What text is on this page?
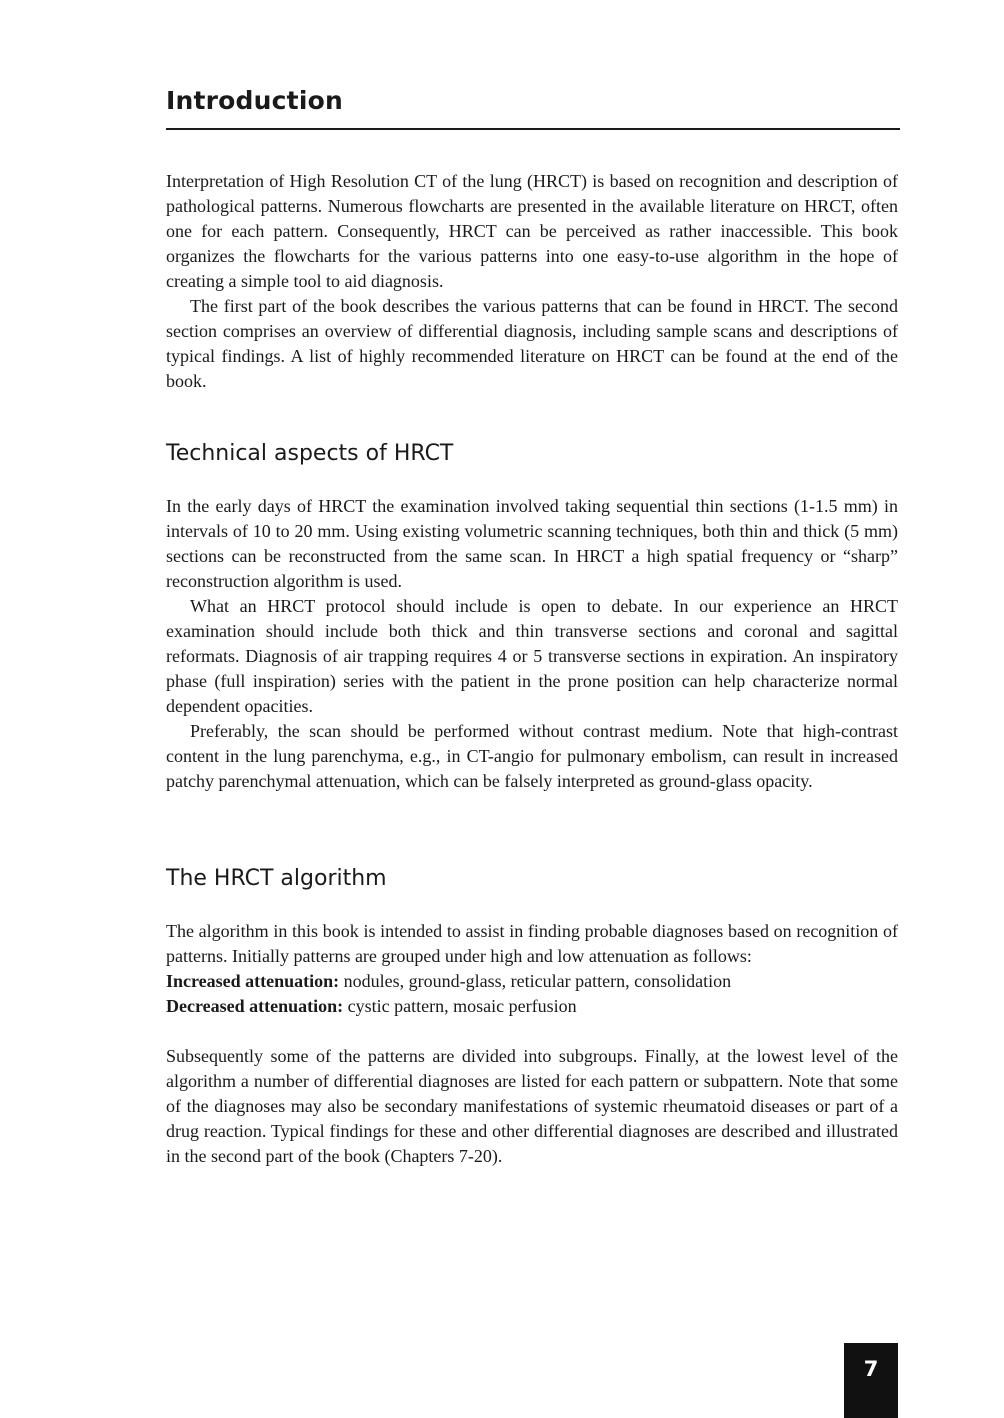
Introduction

Interpretation of High Resolution CT of the lung (HRCT) is based on recognition and description of pathological patterns. Numerous flowcharts are presented in the available literature on HRCT, often one for each pattern. Consequently, HRCT can be perceived as rather inaccessible. This book organizes the flowcharts for the various patterns into one easy-to-use algorithm in the hope of creating a simple tool to aid diagnosis.

The first part of the book describes the various patterns that can be found in HRCT. The second section comprises an overview of differential diagnosis, including sample scans and descriptions of typical findings. A list of highly recommended literature on HRCT can be found at the end of the book.

Technical aspects of HRCT

In the early days of HRCT the examination involved taking sequential thin sections (1-1.5 mm) in intervals of 10 to 20 mm. Using existing volumetric scanning techniques, both thin and thick (5 mm) sections can be reconstructed from the same scan. In HRCT a high spatial frequency or “sharp” reconstruction algorithm is used.

What an HRCT protocol should include is open to debate. In our experience an HRCT examination should include both thick and thin transverse sections and coronal and sagittal reformats. Diagnosis of air trapping requires 4 or 5 transverse sections in expiration. An inspiratory phase (full inspiration) series with the patient in the prone position can help characterize normal dependent opacities.

Preferably, the scan should be performed without contrast medium. Note that high-contrast content in the lung parenchyma, e.g., in CT-angio for pulmonary embolism, can result in increased patchy parenchymal attenuation, which can be falsely interpreted as ground-glass opacity.

The HRCT algorithm

The algorithm in this book is intended to assist in finding probable diagnoses based on recognition of patterns. Initially patterns are grouped under high and low attenuation as follows:

Increased attenuation: nodules, ground-glass, reticular pattern, consolidation

Decreased attenuation: cystic pattern, mosaic perfusion

Subsequently some of the patterns are divided into subgroups. Finally, at the lowest level of the algorithm a number of differential diagnoses are listed for each pattern or subpattern. Note that some of the diagnoses may also be secondary manifestations of systemic rheumatoid diseases or part of a drug reaction. Typical findings for these and other differential diagnoses are described and illustrated in the second part of the book (Chapters 7-20).

7
